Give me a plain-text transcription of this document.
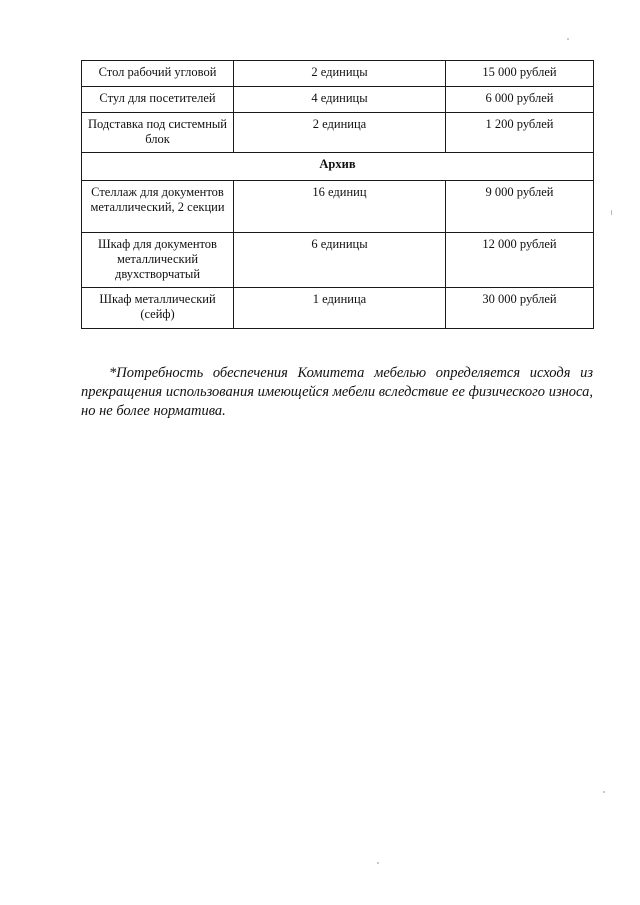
Стол рабочий угловой	2 единицы	15 000 рублей
Стул для посетителей	4 единицы	6 000 рублей
Подставка под системный блок	2 единица	1 200 рублей
Архив		
Стеллаж для документов металлический, 2 секции	16 единиц	9 000 рублей
Шкаф для документов металлический двухстворчатый	6 единицы	12 000 рублей
Шкаф металлический (сейф)	1 единица	30 000 рублей

*Потребность обеспечения Комитета мебелью определяется исходя из прекращения использования имеющейся мебели вследствие ее физического износа, но не более норматива.
